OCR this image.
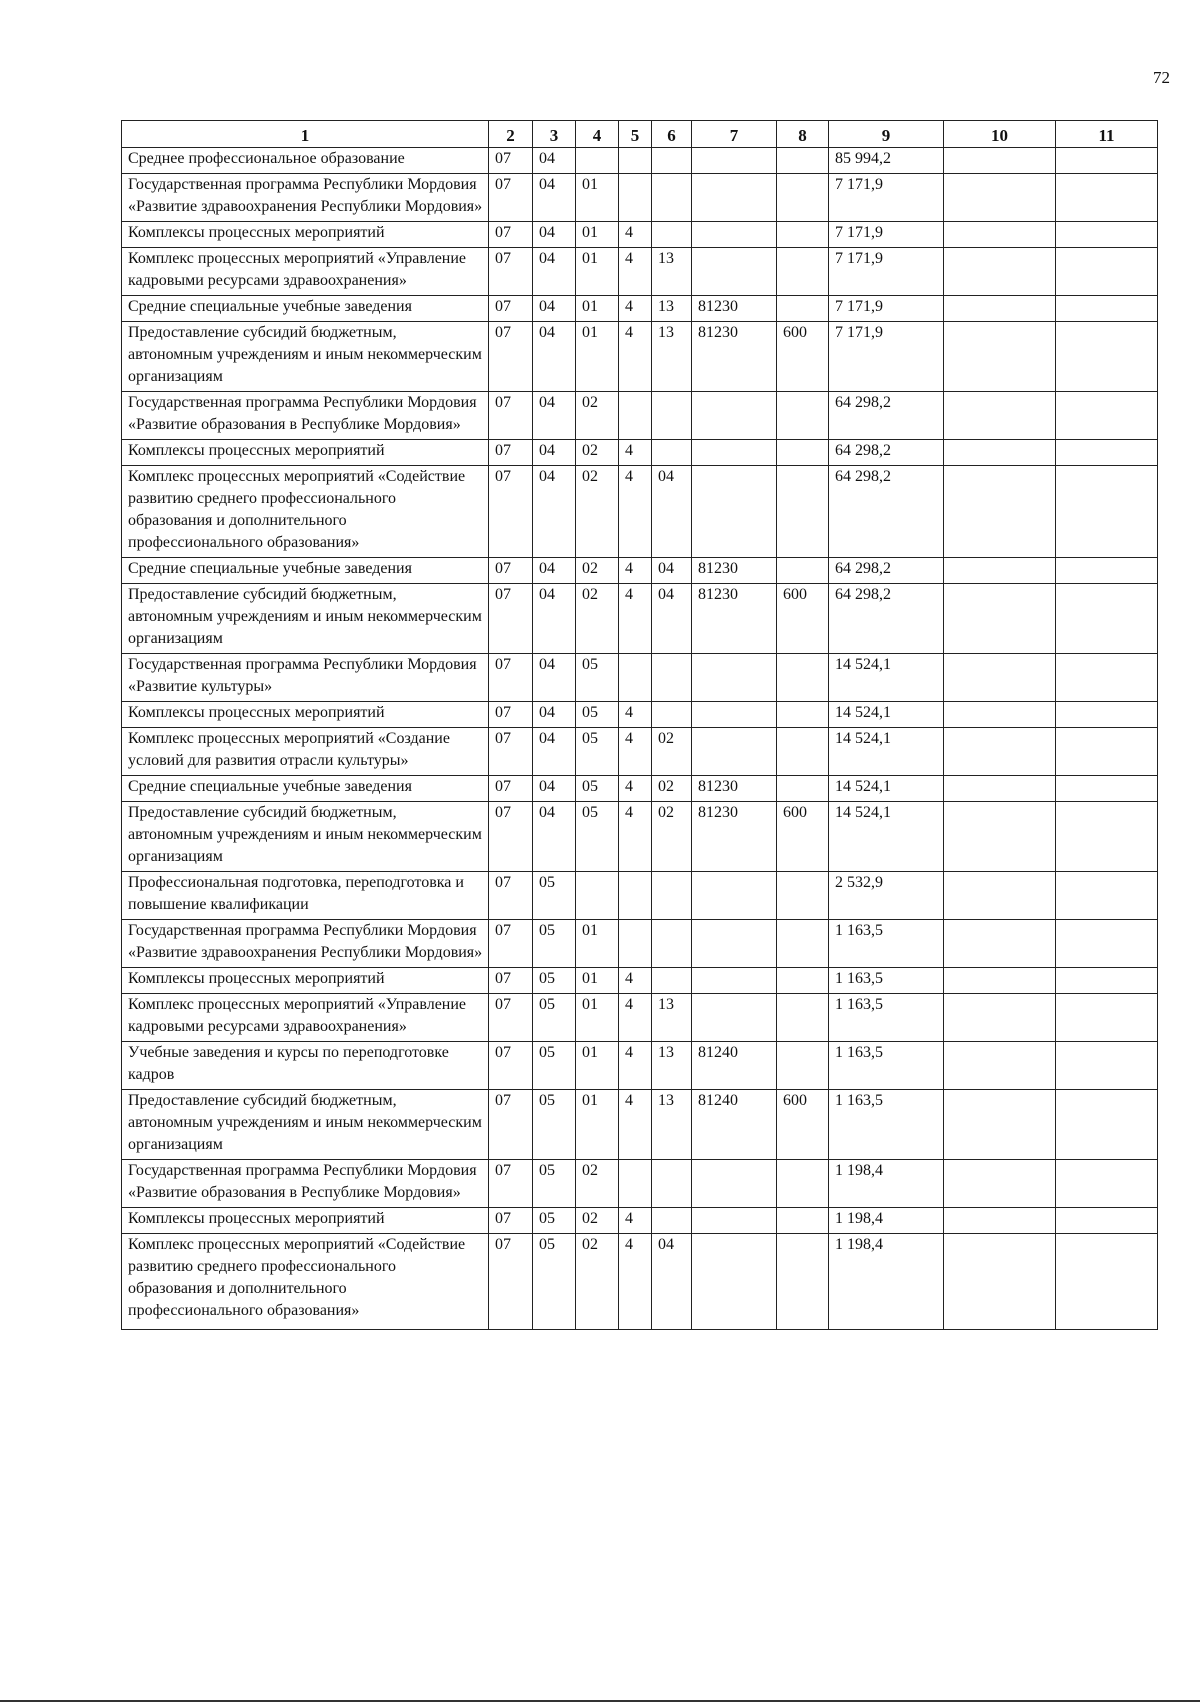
72
1	2	3	4	5	6	7	8	9	10	11
Среднее профессиональное образование	07	04						85 994,2		
Государственная программа Республики Мордовия «Развитие здравоохранения Республики Мордовия»	07	04	01					7 171,9		
Комплексы процессных мероприятий	07	04	01	4				7 171,9		
Комплекс процессных мероприятий «Управление кадровыми ресурсами здравоохранения»	07	04	01	4	13			7 171,9		
Средние специальные учебные заведения	07	04	01	4	13	81230		7 171,9		
Предоставление субсидий бюджетным, автономным учреждениям и иным некоммерческим организациям	07	04	01	4	13	81230	600	7 171,9		
Государственная программа Республики Мордовия «Развитие образования в Республике Мордовия»	07	04	02					64 298,2		
Комплексы процессных мероприятий	07	04	02	4				64 298,2		
Комплекс процессных мероприятий «Содействие развитию среднего профессионального образования и дополнительного профессионального образования»	07	04	02	4	04			64 298,2		
Средние специальные учебные заведения	07	04	02	4	04	81230		64 298,2		
Предоставление субсидий бюджетным, автономным учреждениям и иным некоммерческим организациям	07	04	02	4	04	81230	600	64 298,2		
Государственная программа Республики Мордовия «Развитие культуры»	07	04	05					14 524,1		
Комплексы процессных мероприятий	07	04	05	4				14 524,1		
Комплекс процессных мероприятий «Создание условий для развития отрасли культуры»	07	04	05	4	02			14 524,1		
Средние специальные учебные заведения	07	04	05	4	02	81230		14 524,1		
Предоставление субсидий бюджетным, автономным учреждениям и иным некоммерческим организациям	07	04	05	4	02	81230	600	14 524,1		
Профессиональная подготовка, переподготовка и повышение квалификации	07	05						2 532,9		
Государственная программа Республики Мордовия «Развитие здравоохранения Республики Мордовия»	07	05	01					1 163,5		
Комплексы процессных мероприятий	07	05	01	4				1 163,5		
Комплекс процессных мероприятий «Управление кадровыми ресурсами здравоохранения»	07	05	01	4	13			1 163,5		
Учебные заведения и курсы по переподготовке кадров	07	05	01	4	13	81240		1 163,5		
Предоставление субсидий бюджетным, автономным учреждениям и иным некоммерческим организациям	07	05	01	4	13	81240	600	1 163,5		
Государственная программа Республики Мордовия «Развитие образования в Республике Мордовия»	07	05	02					1 198,4		
Комплексы процессных мероприятий	07	05	02	4				1 198,4		
Комплекс процессных мероприятий «Содействие развитию среднего профессионального образования и дополнительного профессионального образования»	07	05	02	4	04			1 198,4		
